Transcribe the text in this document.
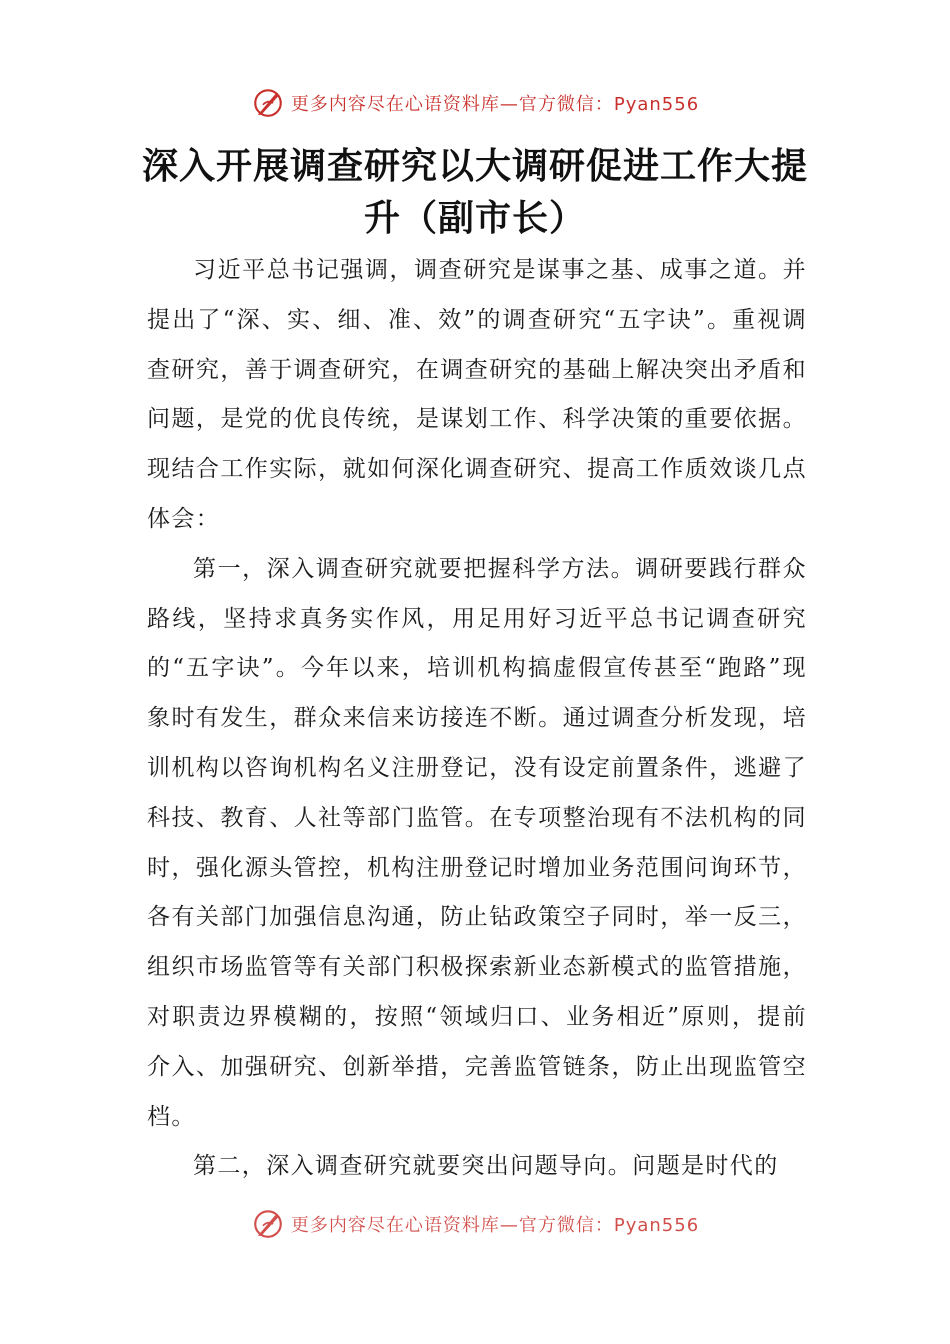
更多内容尽在心语资料库—官方微信：Pyan556
深入开展调查研究以大调研促进工作大提升（副市长）

习近平总书记强调，调查研究是谋事之基、成事之道。并提出了“深、实、细、准、效”的调查研究“五字诀”。重视调查研究，善于调查研究，在调查研究的基础上解决突出矛盾和问题，是党的优良传统，是谋划工作、科学决策的重要依据。现结合工作实际，就如何深化调查研究、提高工作质效谈几点体会：

第一，深入调查研究就要把握科学方法。调研要践行群众路线，坚持求真务实作风，用足用好习近平总书记调查研究的“五字诀”。今年以来，培训机构搞虚假宣传甚至“跑路”现象时有发生，群众来信来访接连不断。通过调查分析发现，培训机构以咨询机构名义注册登记，没有设定前置条件，逃避了科技、教育、人社等部门监管。在专项整治现有不法机构的同时，强化源头管控，机构注册登记时增加业务范围问询环节，各有关部门加强信息沟通，防止钻政策空子同时，举一反三，组织市场监管等有关部门积极探索新业态新模式的监管措施，对职责边界模糊的，按照“领域归口、业务相近”原则，提前介入、加强研究、创新举措，完善监管链条，防止出现监管空档。

第二，深入调查研究就要突出问题导向。问题是时代的

更多内容尽在心语资料库—官方微信：Pyan556
